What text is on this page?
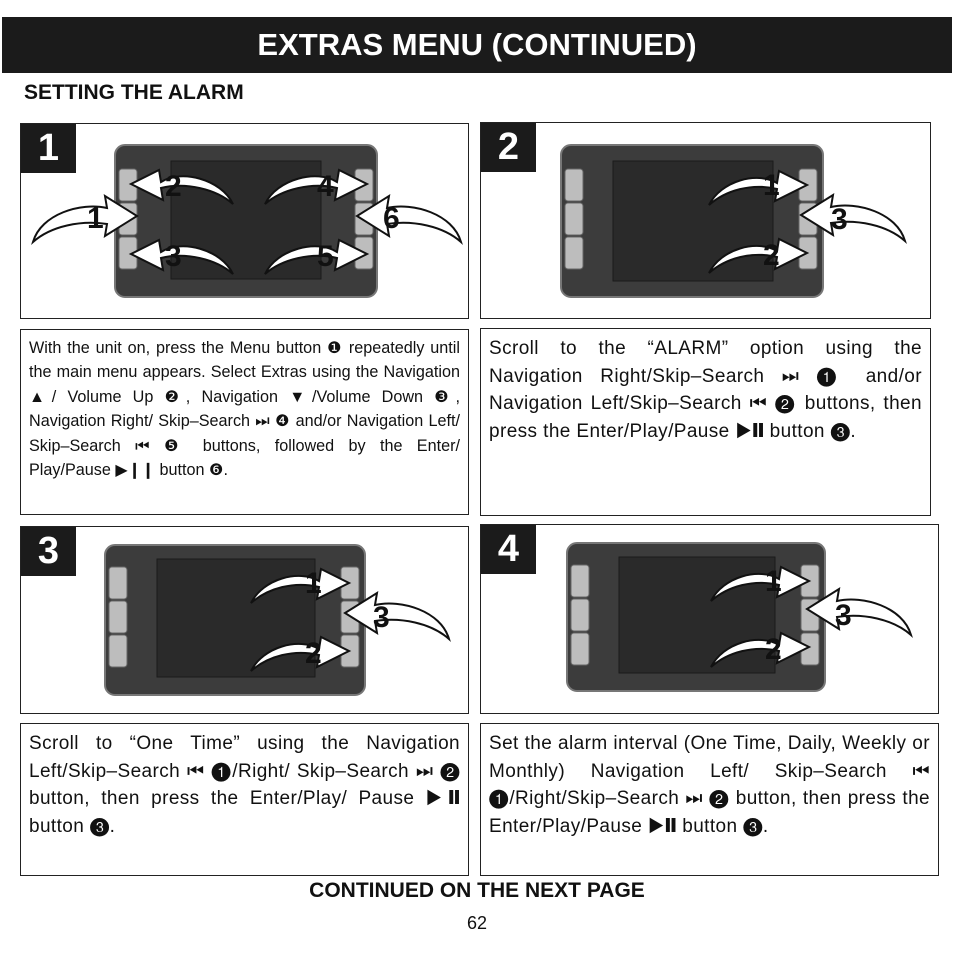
EXTRAS MENU (CONTINUED)
SETTING THE ALARM
1
2	4
1	6
3	5
With the unit on, press the Menu button ❶ repeatedly until the main menu appears. Select Extras using the Navigation ▲/ Volume Up ❷, Navigation ▼/Volume Down ❸, Navigation Right/ Skip–Search ⏭ ❹ and/or Navigation Left/ Skip–Search ⏮ ❺ buttons, followed by the Enter/ Play/Pause ▶❙❙ button ❻.
2
1
3
2
Scroll to the “ALARM” option using the Navigation Right/Skip–Search ⏭ ❶ and/or Navigation Left/Skip–Search ⏮ ❷ buttons, then press the Enter/Play/Pause ▶❙❙ button ❸.
3
1
3
2
Scroll to “One Time” using the Navigation Left/Skip–Search ⏮ ❶/Right/ Skip–Search ⏭ ❷ button, then press the Enter/Play/ Pause ▶❙❙ button ❸.
4
1
3
2
Set the alarm interval (One Time, Daily, Weekly or Monthly) Navigation Left/ Skip–Search ⏮ ❶/Right/Skip–Search ⏭ ❷ button, then press the Enter/Play/Pause ▶❙❙ button ❸.
CONTINUED ON THE NEXT PAGE
62
